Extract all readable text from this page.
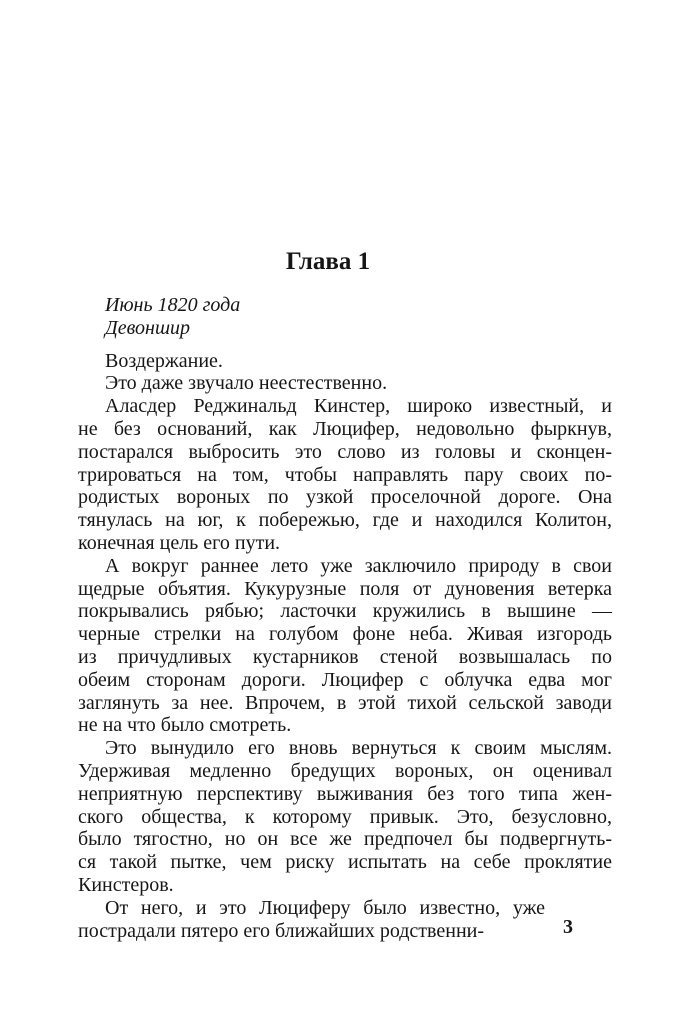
Глава 1
Июнь 1820 года
Девоншир
Воздержание.
Это даже звучало неестественно.
Аласдер Реджинальд Кинстер, широко известный, и
не без оснований, как Люцифер, недовольно фыркнув,
постарался выбросить это слово из головы и сконцен-
трироваться на том, чтобы направлять пару своих по-
родистых вороных по узкой проселочной дороге. Она
тянулась на юг, к побережью, где и находился Колитон,
конечная цель его пути.
А вокруг раннее лето уже заключило природу в свои
щедрые объятия. Кукурузные поля от дуновения ветерка
покрывались рябью; ласточки кружились в вышине —
черные стрелки на голубом фоне неба. Живая изгородь
из причудливых кустарников стеной возвышалась по
обеим сторонам дороги. Люцифер с облучка едва мог
заглянуть за нее. Впрочем, в этой тихой сельской заводи
не на что было смотреть.
Это вынудило его вновь вернуться к своим мыслям.
Удерживая медленно бредущих вороных, он оценивал
неприятную перспективу выживания без того типа жен-
ского общества, к которому привык. Это, безусловно,
было тягостно, но он все же предпочел бы подвергнуть-
ся такой пытке, чем риску испытать на себе проклятие
Кинстеров.
От него, и это Люциферу было известно, уже
пострадали пятеро его ближайших родственни-	3
